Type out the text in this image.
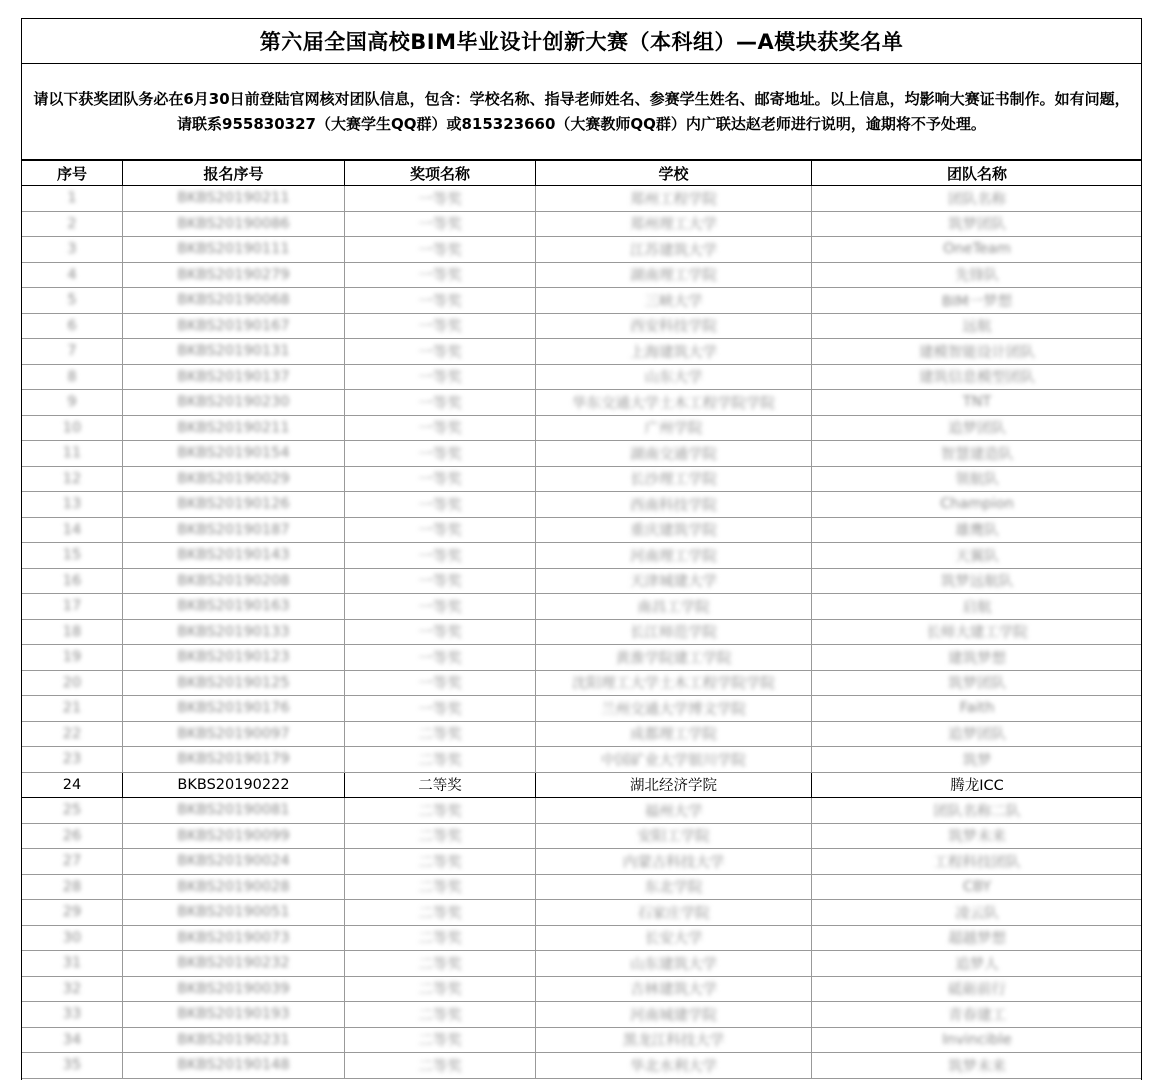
第六届全国高校BIM毕业设计创新大赛（本科组）—A模块获奖名单
请以下获奖团队务必在6月30日前登陆官网核对团队信息，包含：学校名称、指导老师姓名、参赛学生姓名、邮寄地址。以上信息，均影响大赛证书制作。如有问题，请联系955830327（大赛学生QQ群）或815323660（大赛教师QQ群）内广联达赵老师进行说明，逾期将不予处理。
序号	报名序号	奖项名称	学校	团队名称
1	BKBS20190211	一等奖	郑州工程学院	团队名称
2	BKBS20190086	一等奖	郑州理工大学	筑梦团队
3	BKBS20190111	一等奖	江苏建筑大学	OneTeam
4	BKBS20190279	一等奖	湖南理工学院	先锋队
5	BKBS20190068	一等奖	三峡大学	BIM一梦想
6	BKBS20190167	一等奖	西安科技学院	远航
7	BKBS20190131	一等奖	上海建筑大学	建模智能设计团队
8	BKBS20190137	一等奖	山东大学	建筑信息模型团队
9	BKBS20190230	一等奖	华东交通大学土木工程学院学院	TNT
10	BKBS20190211	一等奖	广州学院	追梦团队
11	BKBS20190154	一等奖	湖南交通学院	智慧建造队
12	BKBS20190029	一等奖	长沙理工学院	领航队
13	BKBS20190126	一等奖	西南科技学院	Champion
14	BKBS20190187	一等奖	重庆建筑学院	雄鹰队
15	BKBS20190143	一等奖	河南理工学院	天翼队
16	BKBS20190208	一等奖	天津城建大学	筑梦远航队
17	BKBS20190163	一等奖	南昌工学院	启航
18	BKBS20190133	一等奖	长江师范学院	长师大建工学院
19	BKBS20190123	一等奖	黄淮学院建工学院	建筑梦想
20	BKBS20190125	一等奖	沈阳理工大学土木工程学院学院	筑梦团队
21	BKBS20190176	一等奖	兰州交通大学博文学院	Faith
22	BKBS20190097	二等奖	成都理工学院	追梦团队
23	BKBS20190179	二等奖	中国矿业大学银川学院	筑梦
24	BKBS20190222	二等奖	湖北经济学院	腾龙ICC
25	BKBS20190081	二等奖	福州大学	团队名称二队
26	BKBS20190099	二等奖	安阳工学院	筑梦未来
27	BKBS20190024	二等奖	内蒙古科技大学	工程科技团队
28	BKBS20190028	二等奖	东北学院	CBY
29	BKBS20190051	二等奖	石家庄学院	凌云队
30	BKBS20190073	二等奖	长安大学	超越梦想
31	BKBS20190232	二等奖	山东建筑大学	追梦人
32	BKBS20190039	二等奖	吉林建筑大学	砥砺前行
33	BKBS20190193	二等奖	河南城建学院	青春建工
34	BKBS20190231	二等奖	黑龙江科技大学	Invincible
35	BKBS20190148	二等奖	华北水利大学	筑梦未来
